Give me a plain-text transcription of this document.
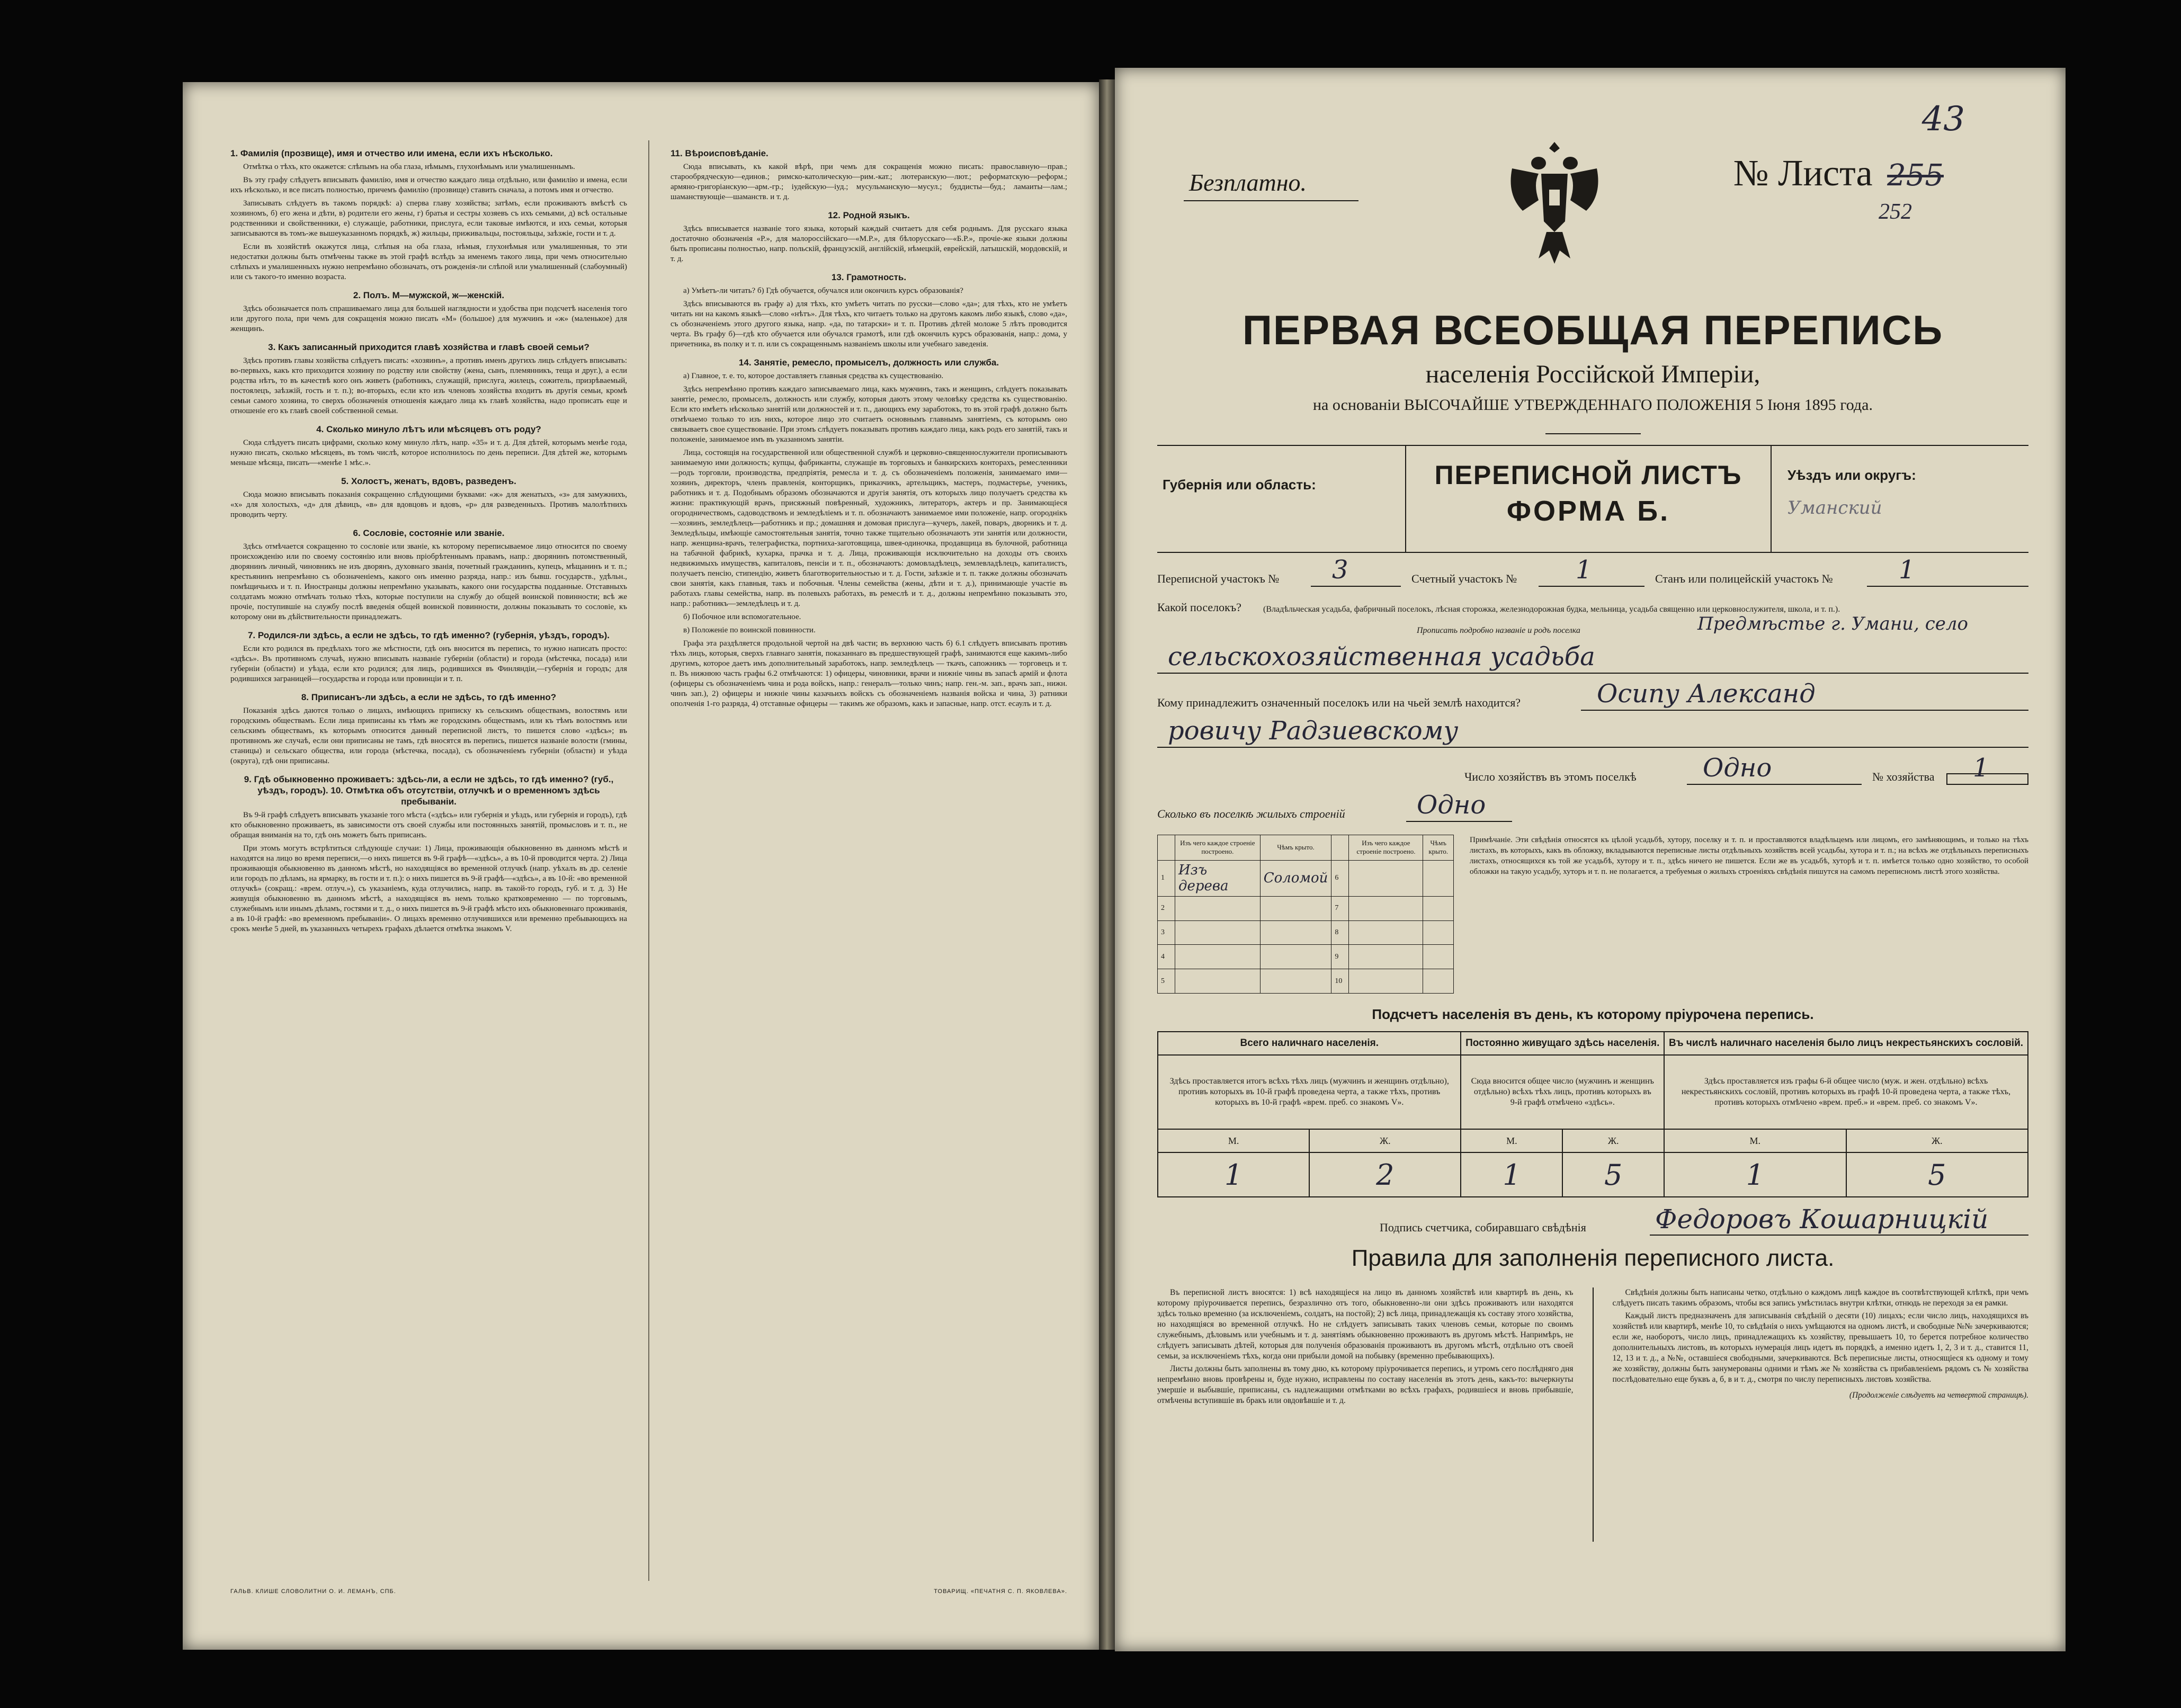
1. Фамилія (прозвище), имя и отчество или имена, если ихъ нѣсколько.

Отмѣтка о тѣхъ, кто окажется: слѣпымъ на оба глаза, нѣмымъ, глухонѣмымъ или умалишеннымъ.

Въ эту графу слѣдуетъ вписывать фамилію, имя и отчество каждаго лица отдѣльно, или фамилію и имена, если ихъ нѣсколько, и все писать полностью, причемъ фамилію (прозвище) ставить сначала, а потомъ имя и отчество.

Записывать слѣдуетъ въ такомъ порядкѣ: а) сперва главу хозяйства; затѣмъ, если проживаютъ вмѣстѣ съ хозяиномъ, б) его жена и дѣти, в) родители его жены, г) братья и сестры хозяевъ съ ихъ семьями, д) всѣ остальные родственники и свойственники, е) служащіе, работники, прислуга, если таковые имѣются, и ихъ семьи, которыя записываются въ томъ-же вышеуказанномъ порядкѣ, ж) жильцы, приживальцы, постояльцы, заѣзжіе, гости и т. д.

Если въ хозяйствѣ окажутся лица, слѣпыя на оба глаза, нѣмыя, глухонѣмыя или умалишенныя, то эти недостатки должны быть отмѣчены также въ этой графѣ вслѣдъ за именемъ такого лица, при чемъ относительно слѣпыхъ и умалишенныхъ нужно непремѣнно обозначать, отъ рожденія-ли слѣпой или умалишенный (слабоумный) или съ такого-то именно возраста.

2. Полъ. М—мужской, ж—женскій.

Здѣсь обозначается полъ спрашиваемаго лица для большей наглядности и удобства при подсчетѣ населенія того или другого пола, при чемъ для сокращенія можно писать «М» (большое) для мужчинъ и «ж» (маленькое) для женщинъ.

3. Какъ записанный приходится главѣ хозяйства и главѣ своей семьи?

Здѣсь противъ главы хозяйства слѣдуетъ писать: «хозяинъ», а противъ именъ другихъ лицъ слѣдуетъ вписывать: во-первыхъ, какъ кто приходится хозяину по родству или свойству (жена, сынъ, племянникъ, теща и друг.), а если родства нѣтъ, то въ качествѣ кого онъ живетъ (работникъ, служащій, прислуга, жилецъ, сожитель, призрѣваемый, постоялецъ, заѣзжій, гость и т. п.); во-вторыхъ, если кто изъ членовъ хозяйства входитъ въ другія семьи, кромѣ семьи самого хозяина, то сверхъ обозначенія отношенія каждаго лица къ главѣ хозяйства, надо прописать еще и отношеніе его къ главѣ своей собственной семьи.

4. Сколько минуло лѣтъ или мѣсяцевъ отъ роду?

Сюда слѣдуетъ писать цифрами, сколько кому минуло лѣтъ, напр. «35» и т. д. Для дѣтей, которымъ менѣе года, нужно писать, сколько мѣсяцевъ, въ томъ числѣ, которое исполнилось по день переписи. Для дѣтей же, которымъ меньше мѣсяца, писать—«менѣе 1 мѣс.».

5. Холостъ, женатъ, вдовъ, разведенъ.

Сюда можно вписывать показанія сокращенно слѣдующими буквами: «ж» для женатыхъ, «з» для замужнихъ, «х» для холостыхъ, «д» для дѣвицъ, «в» для вдовцовъ и вдовъ, «р» для разведенныхъ. Противъ малолѣтнихъ проводить черту.

6. Сословіе, состояніе или званіе.

Здѣсь отмѣчается сокращенно то сословіе или званіе, къ которому переписываемое лицо относится по своему происхожденію или по своему состоянію или вновь пріобрѣтеннымъ правамъ, напр.: дворянинъ потомственный, дворянинъ личный, чиновникъ не изъ дворянъ, духовнаго званія, почетный гражданинъ, купецъ, мѣщанинъ и т. п.; крестьянинъ непремѣнно съ обозначеніемъ, какого онъ именно разряда, напр.: изъ бывш. государств., удѣльн., помѣщичьихъ и т. п. Иностранцы должны непремѣнно указывать, какого они государства подданные. Отставныхъ солдатамъ можно отмѣчать только тѣхъ, которые поступили на службу до общей воинской повинности; всѣ же прочіе, поступившіе на службу послѣ введенія общей воинской повинности, должны показывать то сословіе, къ которому они въ дѣйствительности принадлежатъ.

7. Родился-ли здѣсь, а если не здѣсь, то гдѣ именно? (губернія, уѣздъ, городъ).

Если кто родился въ предѣлахъ того же мѣстности, гдѣ онъ вносится въ перепись, то нужно написать просто: «здѣсь». Въ противномъ случаѣ, нужно вписывать названіе губерніи (области) и города (мѣстечка, посада) или губерніи (области) и уѣзда, если кто родился; для лицъ, родившихся въ Финляндіи,—губернія и городъ; для родившихся заграницей—государства и города или провинціи и т. п.

8. Приписанъ-ли здѣсь, а если не здѣсь, то гдѣ именно?

Показанія здѣсь даются только о лицахъ, имѣющихъ приписку къ сельскимъ обществамъ, волостямъ или городскимъ обществамъ. Если лица приписаны къ тѣмъ же городскимъ обществамъ, или къ тѣмъ волостямъ или сельскимъ обществамъ, къ которымъ относится данный переписной листъ, то пишется слово «здѣсь»; въ противномъ же случаѣ, если они приписаны не тамъ, гдѣ вносятся въ перепись, пишется названіе волости (гмины, станицы) и сельскаго общества, или города (мѣстечка, посада), съ обозначеніемъ губерніи (области) и уѣзда (округа), гдѣ они приписаны.

9. Гдѣ обыкновенно проживаетъ: здѣсь-ли, а если не здѣсь, то гдѣ именно? (губ., уѣздъ, городъ). 10. Отмѣтка объ отсутствіи, отлучкѣ и о временномъ здѣсь пребываніи.

Въ 9-й графѣ слѣдуетъ вписывать указаніе того мѣста («здѣсь» или губернія и уѣздъ, или губернія и городъ), гдѣ кто обыкновенно проживаетъ, въ зависимости отъ своей службы или постоянныхъ занятій, промысловъ и т. п., не обращая вниманія на то, гдѣ онъ можетъ быть приписанъ.

При этомъ могутъ встрѣтиться слѣдующіе случаи: 1) Лица, проживающія обыкновенно въ данномъ мѣстѣ и находятся на лицо во время переписи,—о нихъ пишется въ 9-й графѣ—«здѣсь», а въ 10-й проводится черта. 2) Лица проживающія обыкновенно въ данномъ мѣстѣ, но находящіяся во временной отлучкѣ (напр. уѣхалъ въ др. селеніе или городъ по дѣламъ, на ярмарку, въ гости и т. п.): о нихъ пишется въ 9-й графѣ—«здѣсь», а въ 10-й: «во временной отлучкѣ» (сокращ.: «врем. отлуч.»), съ указаніемъ, куда отлучились, напр. въ такой-то городъ, губ. и т. д. 3) Не живущія обыкновенно въ данномъ мѣстѣ, а находящіяся въ немъ только кратковременно — по торговымъ, служебнымъ или инымъ дѣламъ, гостями и т. д., о нихъ пишется въ 9-й графѣ мѣсто ихъ обыкновеннаго проживанія, а въ 10-й графѣ: «во временномъ пребываніи». О лицахъ временно отлучившихся или временно пребывающихъ на срокъ менѣе 5 дней, въ указанныхъ четырехъ графахъ дѣлается отмѣтка знакомъ V.

11. Вѣроисповѣданіе.

Сюда вписывать, къ какой вѣрѣ, при чемъ для сокращенія можно писать: православную—прав.; старообрядческую—единов.; римско-католическую—рим.-кат.; лютеранскую—лют.; реформатскую—реформ.; армяно-григоріанскую—арм.-гр.; іудейскую—іуд.; мусульманскую—мусул.; буддисты—буд.; ламаиты—лам.; шаманствующіе—шаманств. и т. д.

12. Родной языкъ.

Здѣсь вписывается названіе того языка, который каждый считаетъ для себя роднымъ. Для русскаго языка достаточно обозначенія «Р.», для малороссійскаго—«М.Р.», для бѣлорусскаго—«Б.Р.», прочіе-же языки должны быть прописаны полностью, напр. польскій, французскій, англійскій, нѣмецкій, еврейскій, латышскій, мордовскій, и т. д.

13. Грамотность.

а) Умѣетъ-ли читать? б) Гдѣ обучается, обучался или окончилъ курсъ образованія?

Здѣсь вписываются въ графу а) для тѣхъ, кто умѣетъ читать по русски—слово «да»; для тѣхъ, кто не умѣетъ читать ни на какомъ языкѣ—слово «нѣтъ». Для тѣхъ, кто читаетъ только на другомъ какомъ либо языкѣ, слово «да», съ обозначеніемъ этого другого языка, напр. «да, по татарски» и т. п. Противъ дѣтей моложе 5 лѣтъ проводится черта. Въ графу б)—гдѣ кто обучается или обучался грамотѣ, или гдѣ окончилъ курсъ образованія, напр.: дома, у причетника, въ полку и т. п. или съ сокращеннымъ названіемъ школы или учебнаго заведенія.

14. Занятіе, ремесло, промыселъ, должность или служба.

а) Главное, т. е. то, которое доставляетъ главныя средства къ существованію.

Здѣсь непремѣнно противъ каждаго записываемаго лица, какъ мужчинъ, такъ и женщинъ, слѣдуетъ показывать занятіе, ремесло, промыселъ, должность или службу, которыя даютъ этому человѣку средства къ существованію. Если кто имѣетъ нѣсколько занятій или должностей и т. п., дающихъ ему заработокъ, то въ этой графѣ должно быть отмѣчаемо только то изъ нихъ, которое лицо это считаетъ основнымъ главнымъ занятіемъ, съ которымъ оно связываетъ свое существованіе. При этомъ слѣдуетъ показывать противъ каждаго лица, какъ родъ его занятій, такъ и положеніе, занимаемое имъ въ указанномъ занятіи.

Лица, состоящія на государственной или общественной службѣ и церковно-священнослужители прописываютъ занимаемую ими должность; купцы, фабриканты, служащіе въ торговыхъ и банкирскихъ конторахъ, ремесленники—родъ торговли, производства, предпріятія, ремесла и т. д. съ обозначеніемъ положенія, занимаемаго ими—хозяинъ, директоръ, членъ правленія, конторщикъ, приказчикъ, артельщикъ, мастеръ, подмастерье, ученикъ, работникъ и т. д. Подобнымъ образомъ обозначаются и другія занятія, отъ которыхъ лицо получаетъ средства къ жизни: практикующій врачъ, присяжный повѣренный, художникъ, литераторъ, актеръ и пр. Занимающіеся огородничествомъ, садоводствомъ и земледѣліемъ и т. п. обозначаютъ занимаемое ими положеніе, напр. огороднікъ—хозяинъ, земледѣлецъ—работникъ и пр.; домашняя и домовая прислуга—кучеръ, лакей, поваръ, дворникъ и т. д. Земледѣльцы, имѣющіе самостоятельныя занятія, точно также тщательно обозначаютъ эти занятія или должности, напр. женщина-врачъ, телеграфистка, портниха-заготовщица, швея-одиночка, продавщица въ булочной, работница на табачной фабрикѣ, кухарка, прачка и т. д. Лица, проживающія исключительно на доходы отъ своихъ недвижимыхъ имуществъ, капиталовъ, пенсіи и т. п., обозначаютъ: домовладѣлецъ, землевладѣлецъ, капиталистъ, получаетъ пенсію, стипендію, живетъ благотворительностью и т. д. Гости, заѣзжіе и т. п. также должны обозначать свои занятія, какъ главныя, такъ и побочныя. Члены семейства (жены, дѣти и т. д.), принимающіе участіе въ работахъ главы семейства, напр. въ полевыхъ работахъ, въ ремеслѣ и т. д., должны непремѣнно показывать это, напр.: работникъ—земледѣлецъ и т. д.

б) Побочное или вспомогательное.

в) Положеніе по воинской повинности.

Графа эта раздѣляется продольной чертой на двѣ части; въ верхнюю часть б) 6.1 слѣдуетъ вписывать противъ тѣхъ лицъ, которыя, сверхъ главнаго занятія, показаннаго въ предшествующей графѣ, занимаются еще какимъ-либо другимъ, которое даетъ имъ дополнительный заработокъ, напр. земледѣлецъ — ткачъ, сапожникъ — торговецъ и т. п. Въ нижнюю часть графы 6.2 отмѣчаются: 1) офицеры, чиновники, врачи и нижніе чины въ запасѣ армій и флота (офицеры съ обозначеніемъ чина и рода войскъ, напр.: генералъ—только чинъ; напр. ген.-м. зап., врачъ зап., нижн. чинъ зап.), 2) офицеры и нижніе чины казачьихъ войскъ съ обозначеніемъ названія войска и чина, 3) ратники ополченія 1-го разряда, 4) отставные офицеры — такимъ же образомъ, какъ и запасные, напр. отст. есаулъ и т. д.

ГАЛЬВ. КЛИШЕ СЛОВОЛИТНИ О. И. ЛЕМАНЪ, СПБ.	ТОВАРИЩ. «ПЕЧАТНЯ С. П. ЯКОВЛЕВА».
Безплатно.
43
№ Листа 255
252
ПЕРВАЯ ВСЕОБЩАЯ ПЕРЕПИСЬ
населенія Россійской Имперіи,
на основаніи ВЫСОЧАЙШЕ УТВЕРЖДЕННАГО ПОЛОЖЕНІЯ 5 Іюня 1895 года.
Губернія или область:	ПЕРЕПИСНОЙ ЛИСТЪ
ФОРМА Б.
Уѣздъ или округъ:
Уманский
Переписной участокъ № 3	Счетный участокъ № 1	Станъ или полицейскій участокъ №	1
Какой поселокъ?	(Владѣльческая усадьба, фабричный поселокъ, лѣсная сторожка, железнодорожная будка, мельница, усадьба священно или церковнослужителя, школа, и т. п.).
Прописать подробно названіе и родъ поселка	Предмѣстье г. Умани, село
сельскохозяйственная усадьба
Кому принадлежитъ означенный поселокъ или на чьей землѣ находится?	Осипу Александ
ровичу Радзиевскому
Число хозяйствъ въ этомъ поселкѣ	Одно	№ хозяйства 1
Сколько въ поселкѣ жилыхъ строеній	Одно
	Изъ чего каждое строеніе построено.	Чѣмъ крыто.		Изъ чего каждое строеніе построено.	Чѣмъ крыто.
1	Изъ дерева	Соломой	6		
2			7		
3			8		
4			9		
5			10		
Примѣчаніе. Эти свѣдѣнія относятся къ цѣлой усадьбѣ, хутору, поселку и т. п. и проставляются владѣльцемъ или лицомъ, его замѣняющимъ, и только на тѣхъ листахъ, въ которыхъ, какъ въ обложку, вкладываются переписные листы отдѣльныхъ хозяйствъ всей усадьбы, хутора и т. п.; на всѣхъ же отдѣльныхъ переписныхъ листахъ, относящихся къ той же усадьбѣ, хутору и т. п., здѣсь ничего не пишется. Если же въ усадьбѣ, хуторѣ и т. п. имѣется только одно хозяйство, то особой обложки на такую усадьбу, хуторъ и т. п. не полагается, а требуемыя о жилыхъ строеніяхъ свѣдѣнія пишутся на самомъ переписномъ листѣ этого хозяйства.
Подсчетъ населенія въ день, къ которому пріурочена перепись.
Всего наличнаго населенія.		Постоянно живущаго здѣсь населенія.		Въ числѣ наличнаго населенія было лицъ некрестьянскихъ сословій.	
Здѣсь проставляется итогъ всѣхъ тѣхъ лицъ (мужчинъ и женщинъ отдѣльно), противъ которыхъ въ 10-й графѣ проведена черта, а также тѣхъ, противъ которыхъ въ 10-й графѣ «врем. преб. со знакомъ V».		Сюда вносится общее число (мужчинъ и женщинъ отдѣльно) всѣхъ тѣхъ лицъ, противъ которыхъ въ 9-й графѣ отмѣчено «здѣсь».		Здѣсь проставляется изъ графы 6-й общее число (муж. и жен. отдѣльно) всѣхъ некрестьянскихъ сословій, противъ которыхъ въ графѣ 10-й проведена черта, а также тѣхъ, противъ которыхъ отмѣчено «врем. преб.» и «врем. преб. со знакомъ V».	
М.	Ж.	М.	Ж.	М.	Ж.
1	2	1	5	1	5
Подпись счетчика, собиравшаго свѣдѣнія	Федоровъ Кошарницкій
Правила для заполненія переписного листа.

Въ переписной листъ вносятся: 1) всѣ находящіеся на лицо въ данномъ хозяйствѣ или квартирѣ въ день, къ которому пріурочивается перепись, безразлично отъ того, обыкновенно-ли они здѣсь проживаютъ или находятся здѣсь только временно (за исключеніемъ, солдатъ, на постой); 2) всѣ лица, принадлежащія къ составу этого хозяйства, но находящіяся во временной отлучкѣ. Но не слѣдуетъ записывать таких членовъ семьи, которые по своимъ служебнымъ, дѣловымъ или учебнымъ и т. д. занятіямъ обыкновенно проживаютъ въ другомъ мѣстѣ. Напримѣръ, не слѣдуетъ записывать дѣтей, которыя для полученія образованія проживаютъ въ другомъ мѣстѣ, отдѣльно отъ своей семьи, за исключеніемъ тѣхъ, когда они прибыли домой на побывку (временно пребывающихъ).

Листы должны быть заполнены въ тому дню, къ которому пріурочивается перепись, и утромъ сего послѣдняго дня непремѣнно вновь провѣрены и, буде нужно, исправлены по составу населенія въ этотъ день, какъ-то: вычеркнуты умершіе и выбывшіе, приписаны, съ надлежащими отмѣтками во всѣхъ графахъ, родившіеся и вновь прибывшіе, отмѣчены вступившіе въ бракъ или овдовѣвшіе и т. д.

Свѣдѣнія должны быть написаны четко, отдѣльно о каждомъ лицѣ каждое въ соотвѣтствующей клѣткѣ, при чемъ слѣдуетъ писать такимъ образомъ, чтобы вся запись умѣстилась внутри клѣтки, отнюдь не переходя за ея рамки.

Каждый листъ предназначенъ для записыванія свѣдѣній о десяти (10) лицахъ; если число лицъ, находящихся въ хозяйствѣ или квартирѣ, менѣе 10, то свѣдѣнія о нихъ умѣщаются на одномъ листѣ, и свободные №№ зачеркиваются; если же, наоборотъ, число лицъ, принадлежащихъ къ хозяйству, превышаетъ 10, то берется потребное количество дополнительныхъ листовъ, въ которыхъ нумерація лицъ идетъ въ порядкѣ, а именно идетъ 1, 2, 3 и т. д., ставится 11, 12, 13 и т. д., а №№, оставшіеся свободными, зачеркиваются. Всѣ переписные листы, относящіеся къ одному и тому же хозяйству, должны быть занумерованы одними и тѣмъ же № хозяйства съ прибавленіемъ рядомъ съ № хозяйства послѣдовательно еще буквъ а, б, в и т. д., смотря по числу переписныхъ листовъ хозяйства.

(Продолженіе слѣдуетъ на четвертой страницѣ).
